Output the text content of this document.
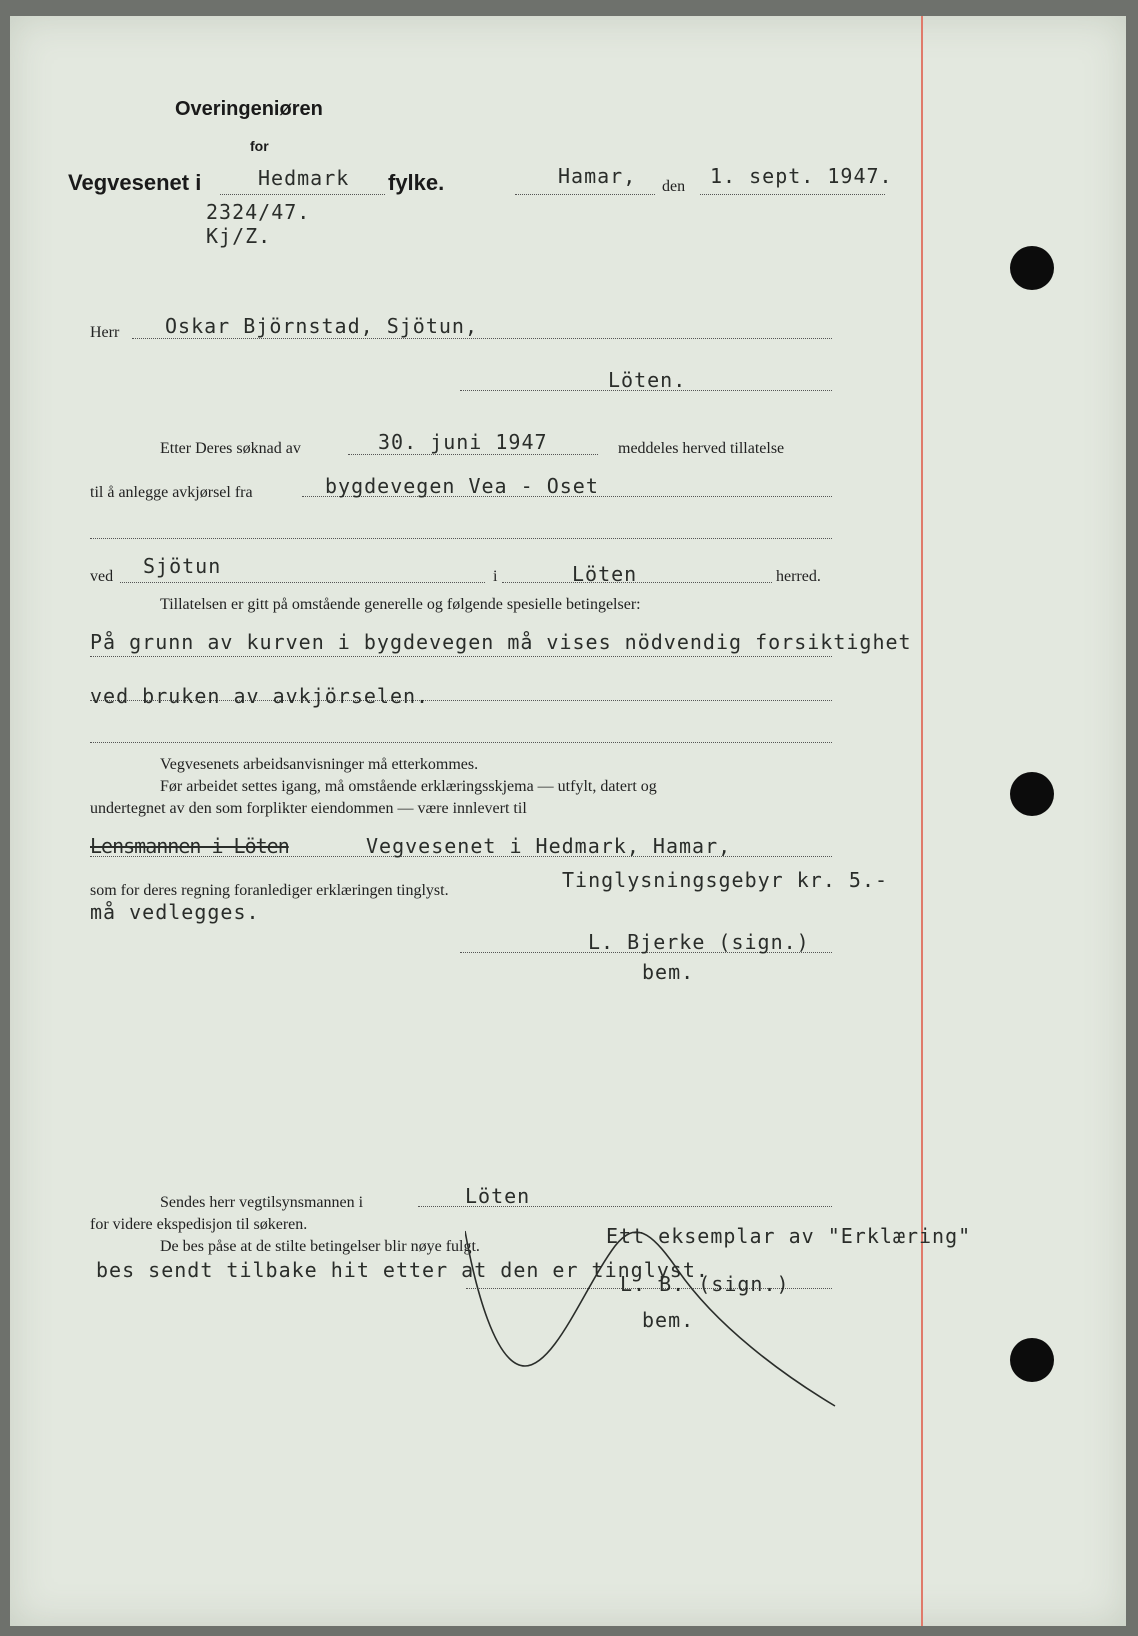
Overingeniøren
for
Vegvesenet i	Hedmark fylke.	Hamar, den 1. sept. 1947.
2324/47.
Kj/Z.
Herr Oskar Björnstad, Sjötun,
Löten.
Etter Deres søknad av	30. juni 1947	meddeles herved tillatelse
til å anlegge avkjørsel fra	bygdevegen Vea - Oset
ved Sjötun	i	Löten	herred.
Tillatelsen er gitt på omstående generelle og følgende spesielle betingelser:
På grunn av kurven i bygdevegen må vises nödvendig forsiktighet
ved bruken av avkjörselen.
Vegvesenets arbeidsanvisninger må etterkommes.
Før arbeidet settes igang, må omstående erklæringsskjema — utfylt, datert og
undertegnet av den som forplikter eiendommen — være innlevert til
Lensmannen i Löten	Vegvesenet i Hedmark, Hamar,
som for deres regning foranlediger erklæringen tinglyst.	Tinglysningsgebyr kr. 5.-
må vedlegges.
L. Bjerke (sign.)
bem.
Sendes herr vegtilsynsmannen i	Löten
for videre ekspedisjon til søkeren.
De bes påse at de stilte betingelser blir nøye fulgt.	Ett eksemplar av "Erklæring"
bes sendt tilbake hit etter at den er tinglyst.
L. B. (sign.)
bem.
